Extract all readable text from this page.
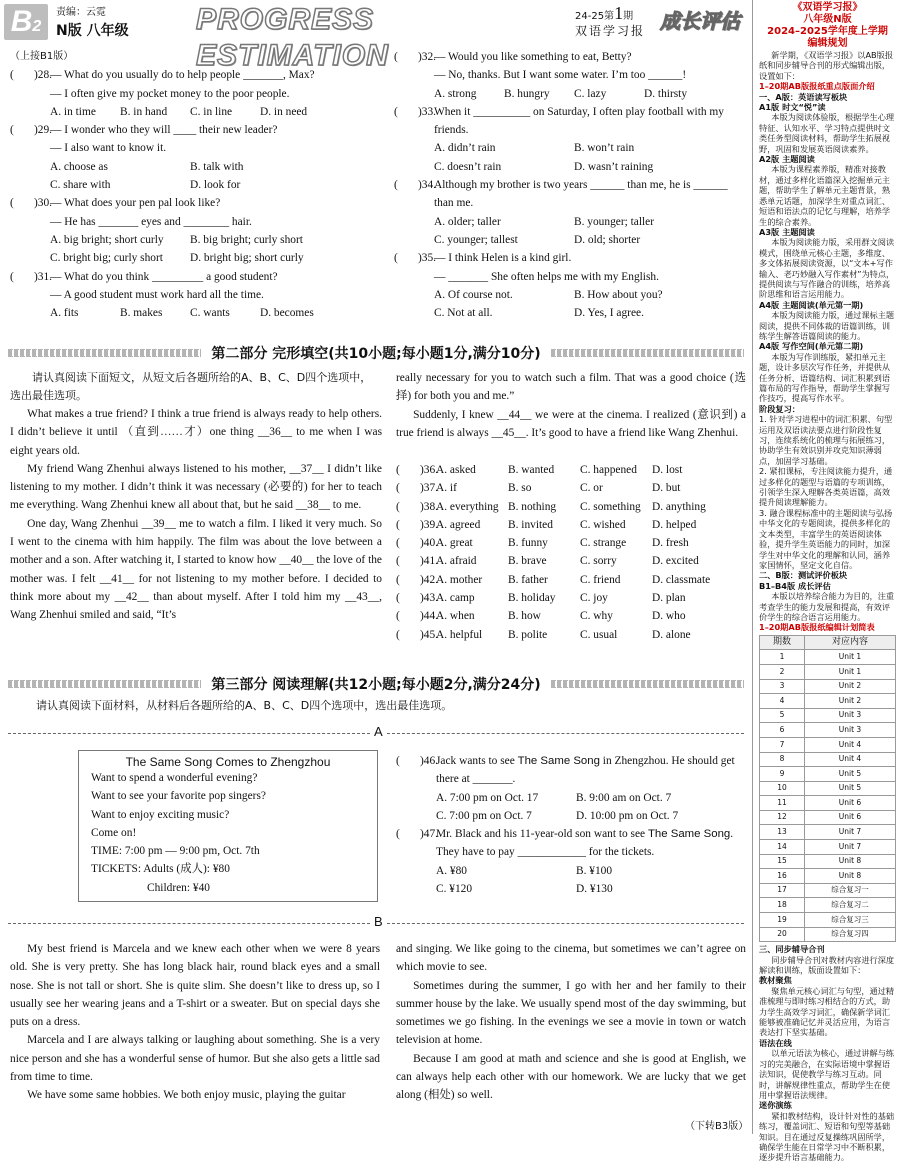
B2
责编：云霓
N版 八年级 PROGRESS ESTIMATION
24-25第1期
双语学习报 成长评估
（上接B1版）
( )28.
— What do you usually do to help people _______, Max?
— I often give my pocket money to the poor people.
A. in time	B. in hand	C. in line	D. in need
( )29.
— I wonder who they will ____ their new leader?
— I also want to know it.
A. choose as	B. talk with
C. share with	D. look for
( )30.
— What does your pen pal look like?
— He has _______ eyes and ________ hair.
A. big bright; short curly	B. big bright; curly short
C. bright big; curly short	D. bright big; short curly
( )31.
— What do you think _________ a good student?
— A good student must work hard all the time.
A. fits	B. makes	C. wants	D. becomes
( )32.
— Would you like something to eat, Betty?
— No, thanks. But I want some water. I’m too ______!
A. strong	B. hungry	C. lazy	D. thirsty
( )33.
When it __________ on Saturday, I often play football with my
friends.
A. didn’t rain	B. won’t rain
C. doesn’t rain	D. wasn’t raining
( )34.
Although my brother is two years ______ than me, he is ______
than me.
A. older; taller	B. younger; taller
C. younger; tallest	D. old; shorter
( )35.
— I think Helen is a kind girl.
— _______ She often helps me with my English.
A. Of course not.	B. How about you?
C. Not at all.	D. Yes, I agree.
第二部分 完形填空(共10小题;每小题1分,满分10分)
请认真阅读下面短文，从短文后各题所给的A、B、C、D四个选项中，选出最佳选项。

What makes a true friend? I think a true friend is always ready to help others. I didn’t believe it until （直到……才）one thing __36__ to me when I was eight years old.

My friend Wang Zhenhui always listened to his mother, __37__ I didn’t like listening to my mother. I didn’t think it was necessary (必要的) for her to teach me everything. Wang Zhenhui knew all about that, but he said __38__ to me.

One day, Wang Zhenhui __39__ me to watch a film. I liked it very much. So I went to the cinema with him happily. The film was about the love between a mother and a son. After watching it, I started to know how __40__ the love of the mother was. I felt __41__ for not listening to my mother before. I decided to think more about my __42__ than about myself. After I told him my __43__, Wang Zhenhui smiled and said, “It’s

really necessary for you to watch such a film. That was a good choice (选择) for both you and me.”

Suddenly, I knew __44__ we were at the cinema. I realized (意识到) a true friend is always __45__. It’s good to have a friend like Wang Zhenhui.

( )36.
A. asked	B. wanted	C. happened	D. lost
( )37.
A. if	B. so	C. or	D. but
( )38.
A. everything B. nothing	C. something D. anything
( )39.
A. agreed	B. invited	C. wished	D. helped
( )40.
A. great	B. funny	C. strange	D. fresh
( )41.
A. afraid	B. brave	C. sorry	D. excited
( )42.
A. mother	B. father	C. friend	D. classmate
( )43.
A. camp	B. holiday	C. joy	D. plan
( )44.
A. when	B. how	C. why	D. who
( )45.
A. helpful	B. polite	C. usual	D. alone
第三部分 阅读理解(共12小题;每小题2分,满分24分)
请认真阅读下面材料，从材料后各题所给的A、B、C、D四个选项中，选出最佳选项。
A
The Same Song Comes to Zhengzhou
Want to spend a wonderful evening?
Want to see your favorite pop singers?
Want to enjoy exciting music?
Come on!
TIME: 7:00 pm — 9:00 pm, Oct. 7th
TICKETS: Adults (成人): ¥80
Children: ¥40
( )46.
Jack wants to see The Same Song in Zhengzhou. He should get
there at _______.
A. 7:00 pm on Oct. 17	B. 9:00 am on Oct. 7
C. 7:00 pm on Oct. 7	D. 10:00 pm on Oct. 7
( )47.
Mr. Black and his 11-year-old son want to see The Same Song.
They have to pay ____________ for the tickets.
A. ¥80	B. ¥100
C. ¥120	D. ¥130
B

My best friend is Marcela and we knew each other when we were 8 years old. She is very pretty. She has long black hair, round black eyes and a small nose. She is not tall or short. She is quite slim. She doesn’t like to dress up, so I usually see her wearing jeans and a T-shirt or a sweater. But on special days she puts on a dress.

Marcela and I are always talking or laughing about something. She is a very nice person and she has a wonderful sense of humor. But she also gets a little sad from time to time.

We have some same hobbies. We both enjoy music, playing the guitar

and singing. We like going to the cinema, but sometimes we can’t agree on which movie to see.

Sometimes during the summer, I go with her and her family to their summer house by the lake. We usually spend most of the day swimming, but sometimes we go fishing. In the evenings we see a movie in town or watch television at home.

Because I am good at math and science and she is good at English, we can always help each other with our homework. We are lucky that we get along (相处) so well.

（下转B3版）
《双语学习报》
八年级N版
2024–2025学年度上学期
编辑规划
新学期，《双语学习报》以AB版报纸和同步辅导合刊的形式编辑出版，设置如下：
1–20期AB版报纸重点版面介绍
一、A版：英语读写板块
A1版 时文“悦”读
本版为阅读体验版，根据学生心理特征、认知水平、学习特点提供时文类任务型阅读材料，帮助学生拓展视野，巩固和发展英语阅读素养。
A2版 主题阅读
本版为课程素养版，精准对接教材，通过多样化语篇深入挖掘单元主题，帮助学生了解单元主题背景，熟悉单元话题，加深学生对重点词汇、短语和语法点的记忆与理解，培养学生的综合素养。
A3版 主题阅读
本版为阅读能力版，采用群文阅读模式，围绕单元核心主题，多维度、多文体拓展阅读资源，以“文本+写作输入、老巧妙融入写作素材”为特点，提供阅读与写作融合的训练，培养高阶思维和语言运用能力。
A4版 主题阅读(单元第一期)
本版为阅读能力版，通过课标主题阅读，提供不同体裁的语篇训练，训练学生解答语篇阅读的能力。
A4版 写作空间(单元第二期)
本版为写作训练版，紧扣单元主题，设计多层次写作任务，并提供从任务分析、语篇结构、词汇积累到语篇布局的写作指导，帮助学生掌握写作技巧，提高写作水平。
阶段复习：
1. 针对学习进程中的词汇积累、句型运用及双语读法要点进行阶段性复习，连续系统化的梳理与拓展练习，协助学生有效识别并攻克知识薄弱点，加固学习基础。
2. 紧扣课标，专注阅读能力提升，通过多样化的题型与语篇的专项训练，引领学生深入理解各类英语篇，高效提升阅读理解能力。
3. 融合课程标准中的主题阅读与弘扬中华文化的专题阅读，提供多样化的文本类型，丰富学生的英语阅读体验，提升学生英语能力的同时，加深学生对中华文化的理解和认同，涵养家国情怀，坚定文化自信。
二、B版：测试评价板块
B1–B4版 成长评估
本版以培养综合能力为目的，注重考查学生的能力发展和提高，有效评价学生的综合语言运用能力。
1–20期AB版报纸编辑计划简表
期数	对应内容
1	Unit 1
2	Unit 1
3	Unit 2
4	Unit 2
5	Unit 3
6	Unit 3
7	Unit 4
8	Unit 4
9	Unit 5
10	Unit 5
11	Unit 6
12	Unit 6
13	Unit 7
14	Unit 7
15	Unit 8
16	Unit 8
17	综合复习一
18	综合复习二
19	综合复习三
20	综合复习四
三、同步辅导合刊
同步辅导合刊对教材内容进行深度解读和训练，版面设置如下：
教材聚焦
聚焦单元核心词汇与句型，通过精准梳理与即时练习相结合的方式，助力学生高效学习词汇，确保新学词汇能够被准确记忆并灵活应用，为语言表达打下坚实基础。
语法在线
以单元语法为核心，通过讲解与练习的完美融合，在实际语境中掌握语法知识，促使教学与练习互动。同时，讲解规律性重点，帮助学生在使用中掌握语法规律。
迷你演练
紧扣教材结构，设计针对性的基础练习，覆盖词汇、短语和句型等基础知识。目在通过反复操练巩固所学，确保学生能在日常学习中不断积累，逐步提升语言基础能力。
